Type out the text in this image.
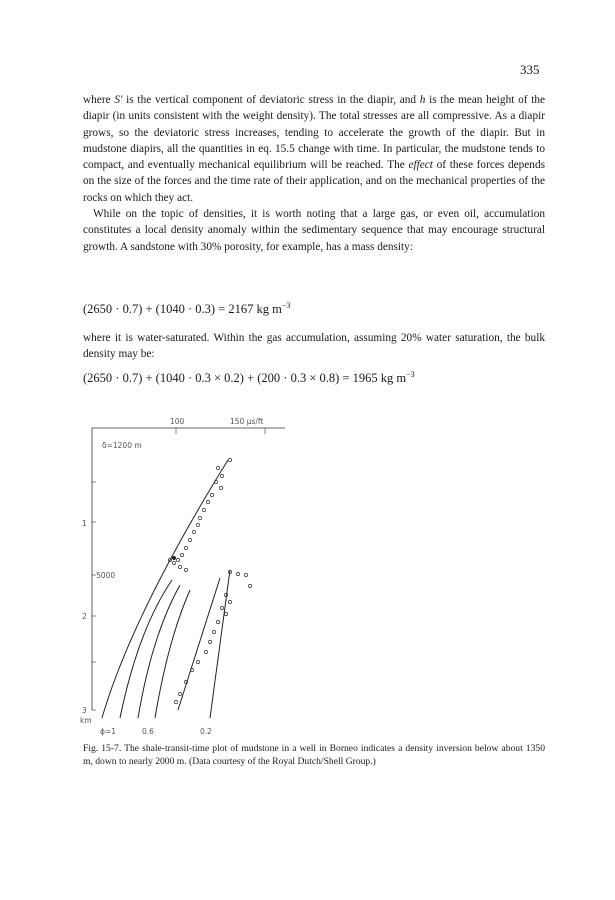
335

where S′ is the vertical component of deviatoric stress in the diapir, and h is the mean height of the diapir (in units consistent with the weight density). The total stresses are all compressive. As a diapir grows, so the deviatoric stress increases, tending to accelerate the growth of the diapir. But in mudstone diapirs, all the quantities in eq. 15.5 change with time. In particular, the mudstone tends to compact, and eventually mechanical equilibrium will be reached. The effect of these forces depends on the size of the forces and the time rate of their application, and on the mechanical properties of the rocks on which they act.

While on the topic of densities, it is worth noting that a large gas, or even oil, accumulation constitutes a local density anomaly within the sedimentary sequence that may encourage structural growth. A sandstone with 30% porosity, for example, has a mass density:

(2650 · 0.7) + (1040 · 0.3) = 2167 kg $m^{-3}$

where it is water-saturated. Within the gas accumulation, assuming 20% water saturation, the bulk density may be:

(2650 · 0.7) + (1040 · 0.3 × 0.2) + (200 · 0.3 × 0.8) = 1965 kg $m^{-3}$
100	150 μs/ft
δ=1200 m
1
5000
2
3
km
ϕ=1	0.6	0.2

Fig. 15-7. The shale-transit-time plot of mudstone in a well in Borneo indicates a density inversion below about 1350 m, down to nearly 2000 m. (Data courtesy of the Royal Dutch/Shell Group.)
